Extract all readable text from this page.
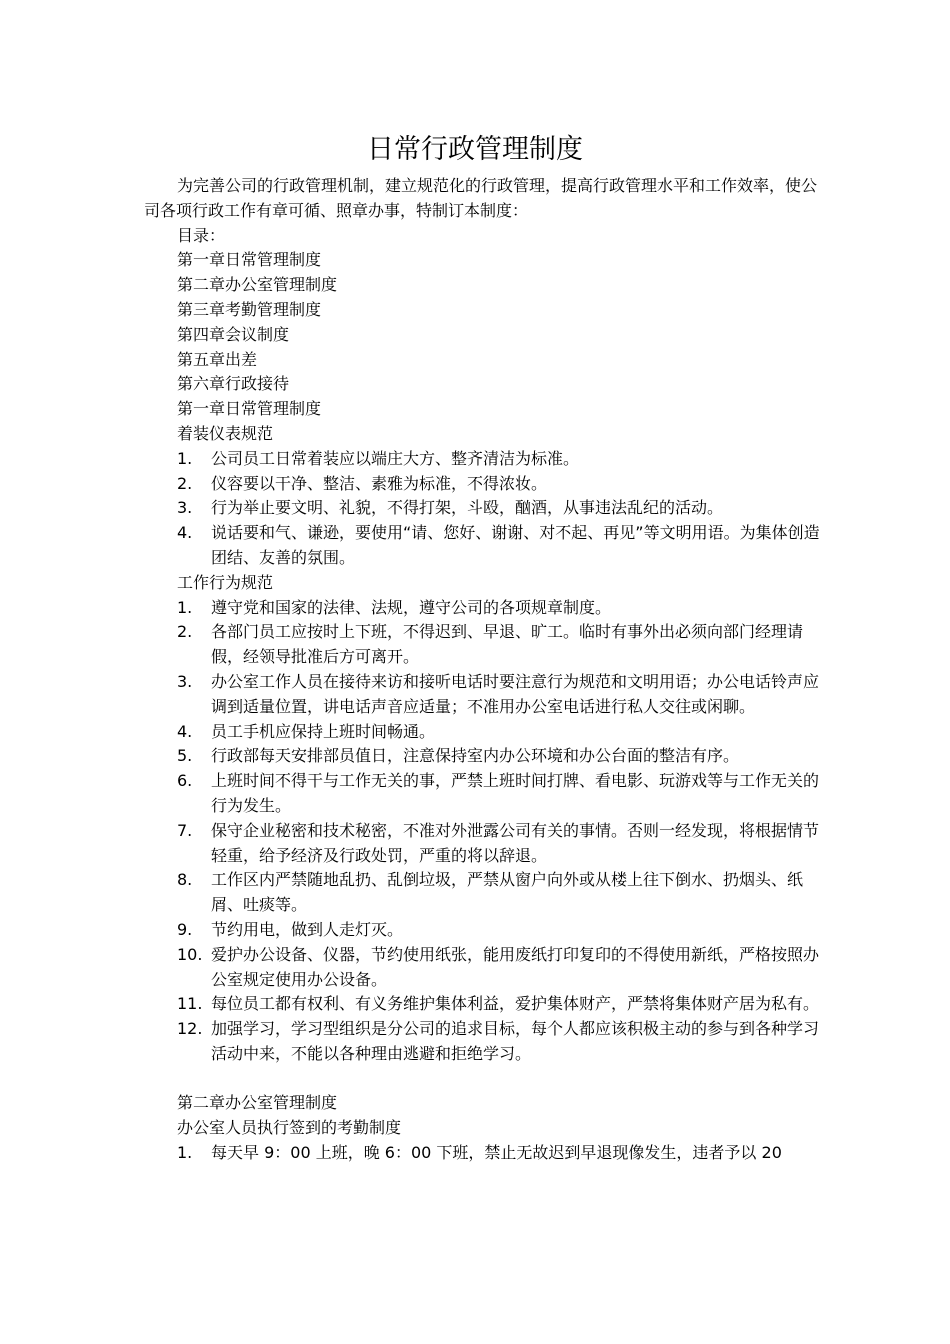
日常行政管理制度

为完善公司的行政管理机制，建立规范化的行政管理，提高行政管理水平和工作效率，使公司各项行政工作有章可循、照章办事，特制订本制度：

目录：
第一章日常管理制度
第二章办公室管理制度
第三章考勤管理制度
第四章会议制度
第五章出差
第六章行政接待
第一章日常管理制度
着装仪表规范
1. 公司员工日常着装应以端庄大方、整齐清洁为标准。
2. 仪容要以干净、整洁、素雅为标准，不得浓妆。
3. 行为举止要文明、礼貌，不得打架，斗殴，酗酒，从事违法乱纪的活动。
4. 说话要和气、谦逊，要使用“请、您好、谢谢、对不起、再见”等文明用语。为集体创造团结、友善的氛围。
工作行为规范
1. 遵守党和国家的法律、法规，遵守公司的各项规章制度。
2. 各部门员工应按时上下班，不得迟到、早退、旷工。临时有事外出必须向部门经理请假，经领导批准后方可离开。
3. 办公室工作人员在接待来访和接听电话时要注意行为规范和文明用语；办公电话铃声应调到适量位置，讲电话声音应适量；不准用办公室电话进行私人交往或闲聊。
4. 员工手机应保持上班时间畅通。
5. 行政部每天安排部员值日，注意保持室内办公环境和办公台面的整洁有序。
6. 上班时间不得干与工作无关的事，严禁上班时间打牌、看电影、玩游戏等与工作无关的行为发生。
7. 保守企业秘密和技术秘密，不准对外泄露公司有关的事情。否则一经发现，将根据情节轻重，给予经济及行政处罚，严重的将以辞退。
8. 工作区内严禁随地乱扔、乱倒垃圾，严禁从窗户向外或从楼上往下倒水、扔烟头、纸屑、吐痰等。
9. 节约用电，做到人走灯灭。
10. 爱护办公设备、仪器，节约使用纸张，能用废纸打印复印的不得使用新纸，严格按照办公室规定使用办公设备。
11. 每位员工都有权利、有义务维护集体利益，爱护集体财产，严禁将集体财产居为私有。
12. 加强学习，学习型组织是分公司的追求目标，每个人都应该积极主动的参与到各种学习活动中来，不能以各种理由逃避和拒绝学习。
第二章办公室管理制度
办公室人员执行签到的考勤制度
1. 每天早 9：00 上班，晚 6：00 下班，禁止无故迟到早退现像发生，违者予以 20
